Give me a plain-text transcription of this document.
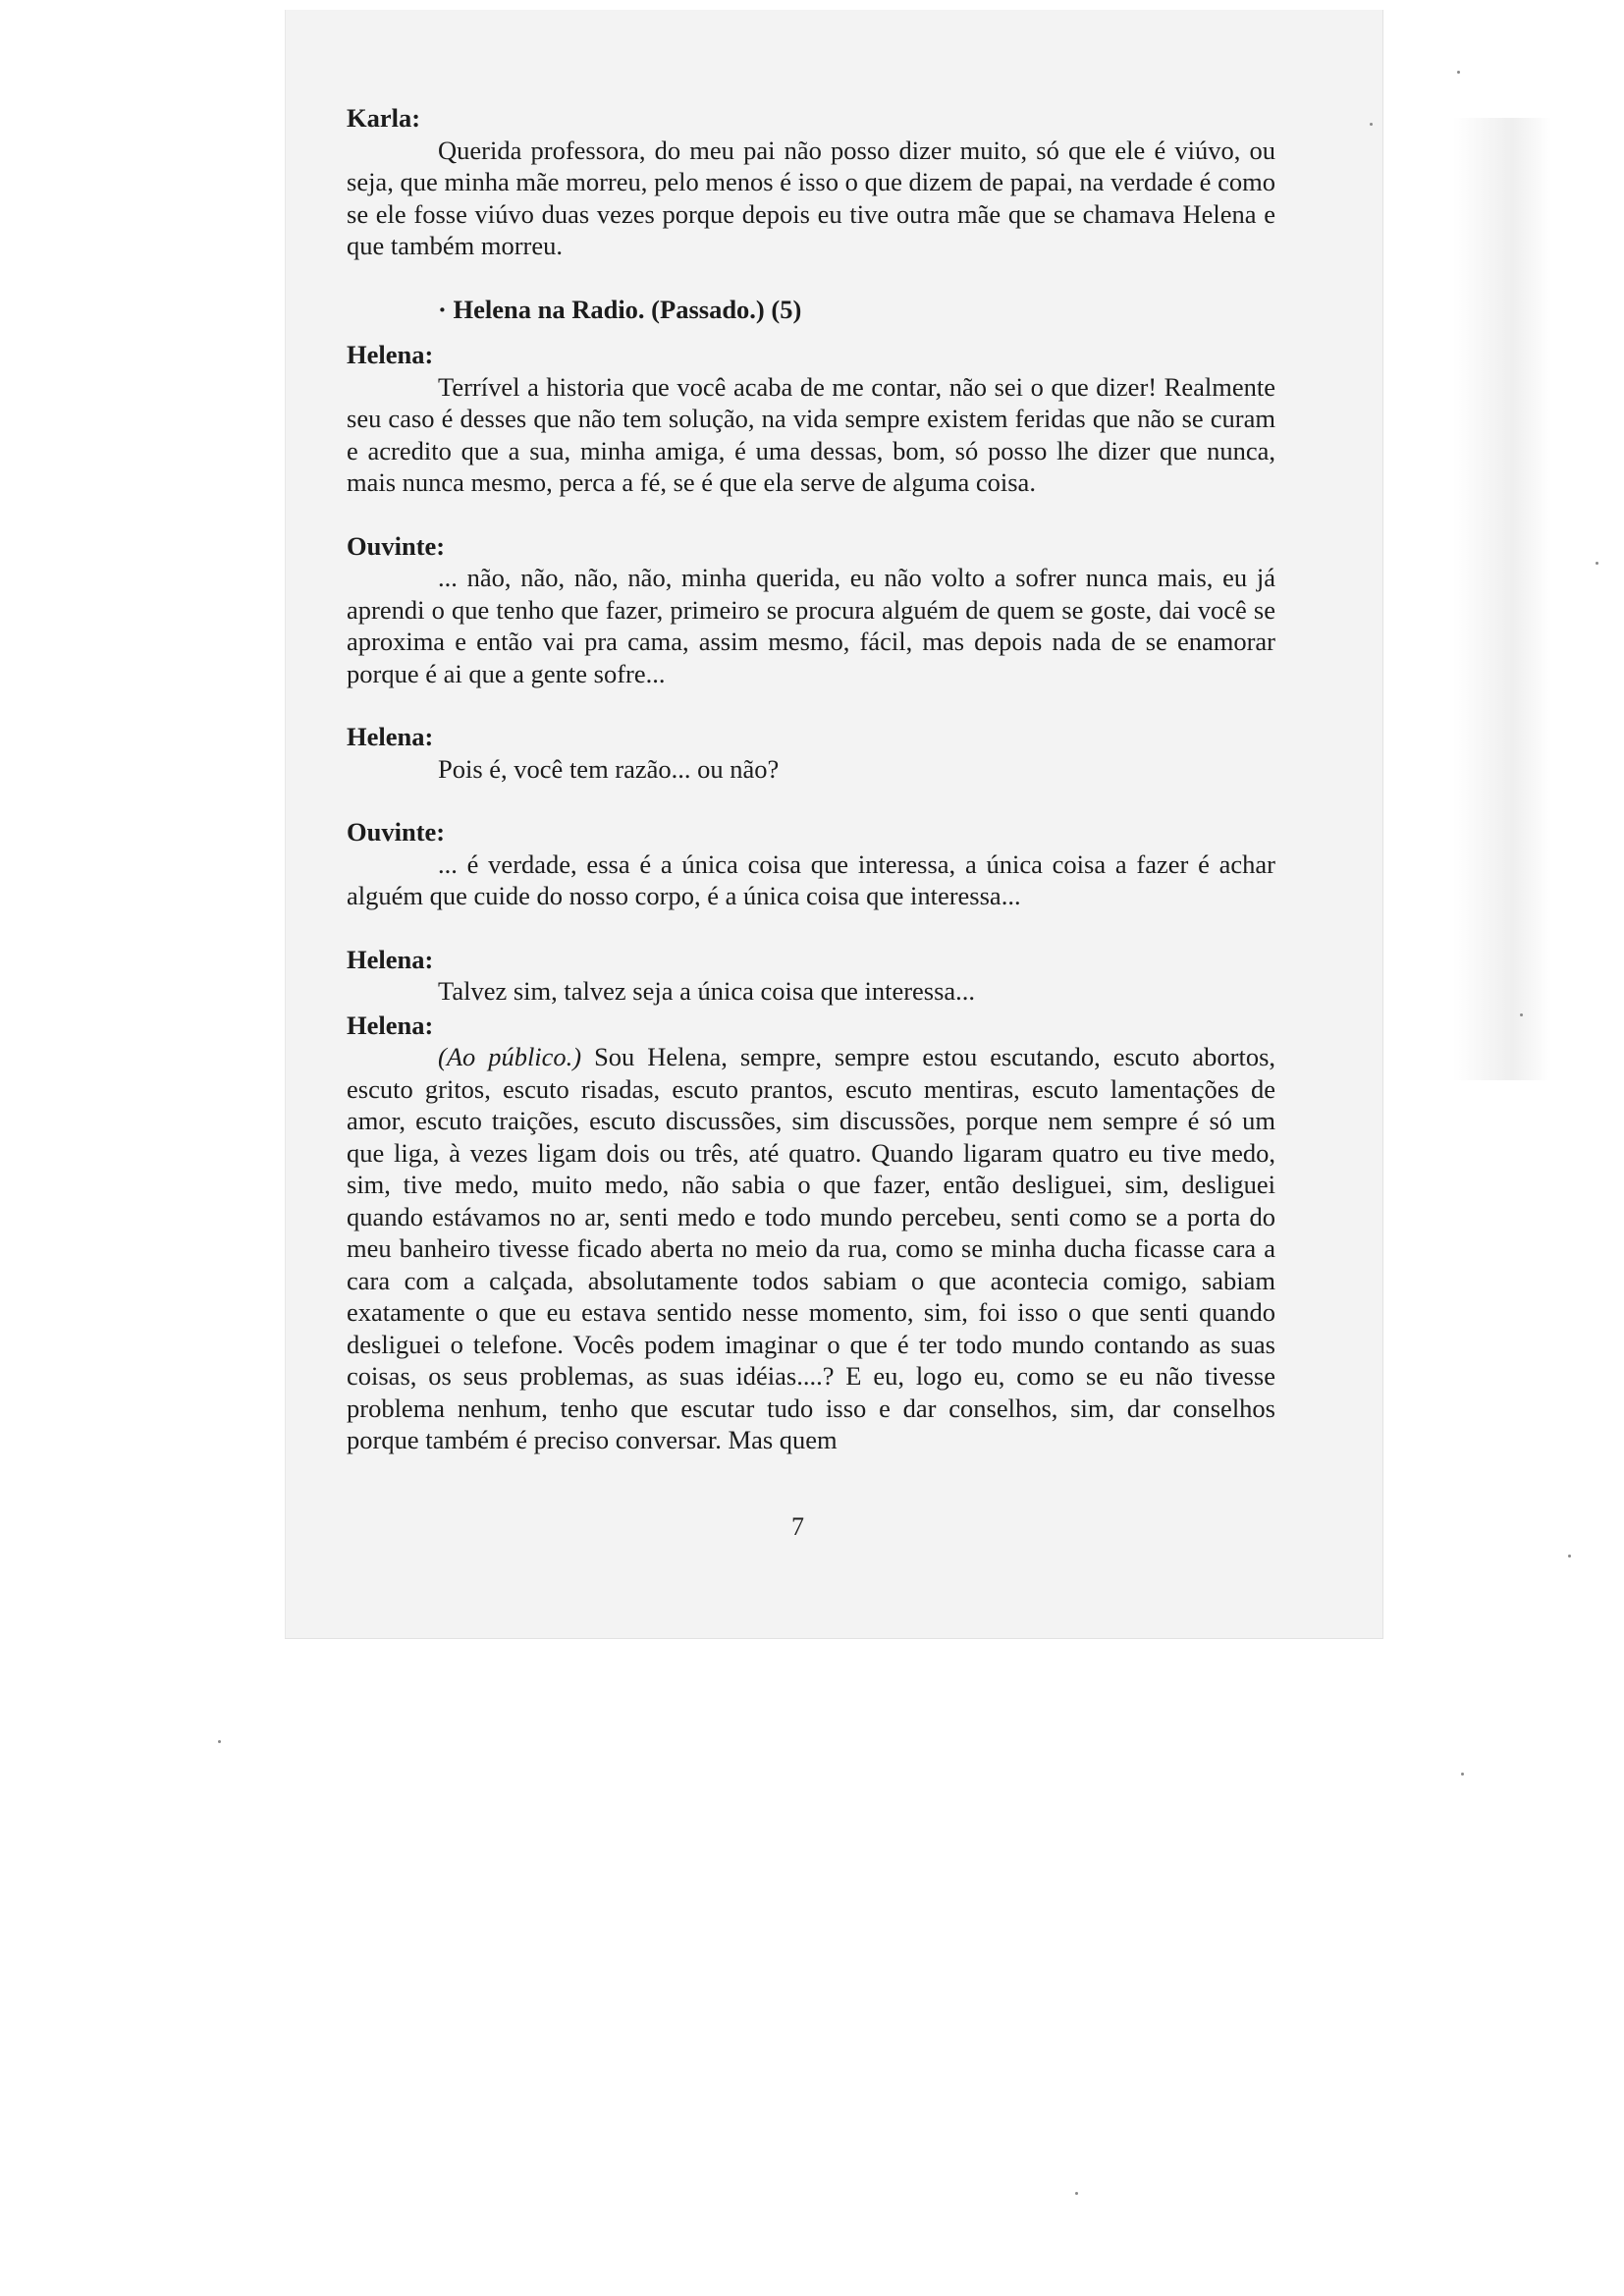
Karla:
Querida professora, do meu pai não posso dizer muito, só que ele é viúvo, ou seja, que minha mãe morreu, pelo menos é isso o que dizem de papai, na verdade é como se ele fosse viúvo duas vezes porque depois eu tive outra mãe que se chamava Helena e que também morreu.
· Helena na Radio. (Passado.) (5)
Helena:
Terrível a historia que você acaba de me contar, não sei o que dizer! Realmente seu caso é desses que não tem solução, na vida sempre existem feridas que não se curam e acredito que a sua, minha amiga, é uma dessas, bom, só posso lhe dizer que nunca, mais nunca mesmo, perca a fé, se é que ela serve de alguma coisa.
Ouvinte:
... não, não, não, não, minha querida, eu não volto a sofrer nunca mais, eu já aprendi o que tenho que fazer, primeiro se procura alguém de quem se goste, dai você se aproxima e então vai pra cama, assim mesmo, fácil, mas depois nada de se enamorar porque é ai que a gente sofre...
Helena:
Pois é, você tem razão... ou não?
Ouvinte:
... é verdade, essa é a única coisa que interessa, a única coisa a fazer é achar alguém que cuide do nosso corpo, é a única coisa que interessa...
Helena:
Talvez sim, talvez seja a única coisa que interessa...
Helena:
(Ao público.) Sou Helena, sempre, sempre estou escutando, escuto abortos, escuto gritos, escuto risadas, escuto prantos, escuto mentiras, escuto lamentações de amor, escuto traições, escuto discussões, sim discussões, porque nem sempre é só um que liga, à vezes ligam dois ou três, até quatro. Quando ligaram quatro eu tive medo, sim, tive medo, muito medo, não sabia o que fazer, então desliguei, sim, desliguei quando estávamos no ar, senti medo e todo mundo percebeu, senti como se a porta do meu banheiro tivesse ficado aberta no meio da rua, como se minha ducha ficasse cara a cara com a calçada, absolutamente todos sabiam o que acontecia comigo, sabiam exatamente o que eu estava sentido nesse momento, sim, foi isso o que senti quando desliguei o telefone. Vocês podem imaginar o que é ter todo mundo contando as suas coisas, os seus problemas, as suas idéias....? E eu, logo eu, como se eu não tivesse problema nenhum, tenho que escutar tudo isso e dar conselhos, sim, dar conselhos porque também é preciso conversar. Mas quem
7
